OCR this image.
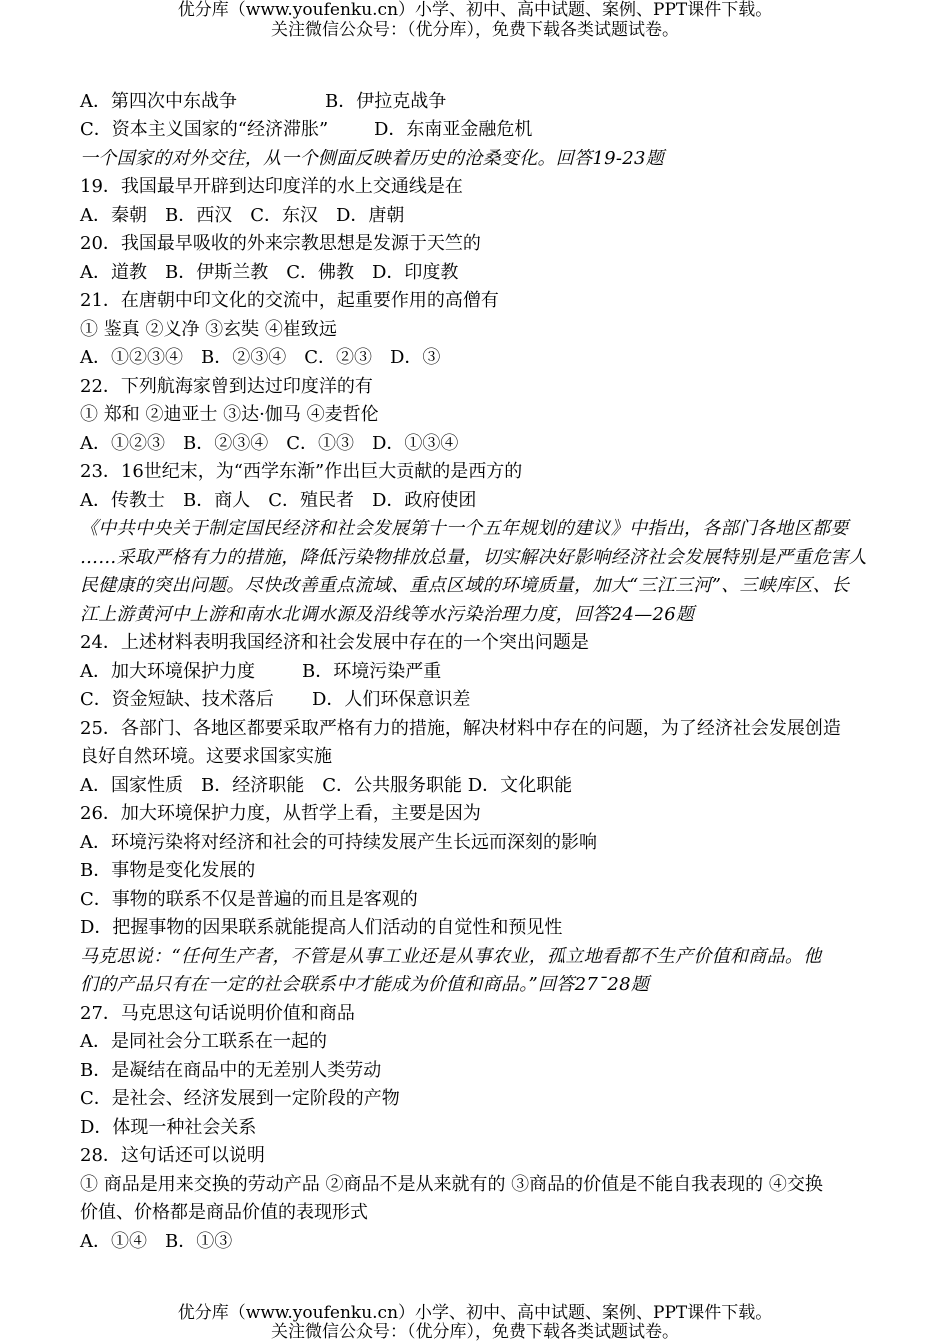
优分库（www.youfenku.cn）小学、初中、高中试题、案例、PPT课件下载。
关注微信公众号：（优分库），免费下载各类试题试卷。
A．第四次中东战争	B．伊拉克战争
C．资本主义国家的“经济滞胀”	D．东南亚金融危机
一个国家的对外交往，从一个侧面反映着历史的沧桑变化。回答19-23题
19．我国最早开辟到达印度洋的水上交通线是在
A．秦朝　B．西汉　C．东汉　D．唐朝
20．我国最早吸收的外来宗教思想是发源于天竺的
A．道教　B．伊斯兰教　C．佛教　D．印度教
21．在唐朝中印文化的交流中，起重要作用的高僧有
① 鉴真 ②义净 ③玄奘 ④崔致远
A．①②③④　B．②③④　C．②③　D．③
22．下列航海家曾到达过印度洋的有
① 郑和 ②迪亚士 ③达·伽马 ④麦哲伦
A．①②③　B．②③④　C．①③　D．①③④
23．16世纪末，为“西学东渐”作出巨大贡献的是西方的
A．传教士　B．商人　C．殖民者　D．政府使团
《中共中央关于制定国民经济和社会发展第十一个五年规划的建议》中指出，各部门各地区都要
……采取严格有力的措施，降低污染物排放总量，切实解决好影响经济社会发展特别是严重危害人
民健康的突出问题。尽快改善重点流域、重点区域的环境质量，加大“三江三河”、三峡库区、长
江上游黄河中上游和南水北调水源及沿线等水污染治理力度，回答24—26题
24．上述材料表明我国经济和社会发展中存在的一个突出问题是
A．加大环境保护力度	B．环境污染严重
C．资金短缺、技术落后 D．人们环保意识差
25．各部门、各地区都要采取严格有力的措施，解决材料中存在的问题，为了经济社会发展创造
良好自然环境。这要求国家实施
A．国家性质　B．经济职能　C．公共服务职能 D．文化职能
26．加大环境保护力度，从哲学上看，主要是因为
A．环境污染将对经济和社会的可持续发展产生长远而深刻的影响
B．事物是变化发展的
C．事物的联系不仅是普遍的而且是客观的
D．把握事物的因果联系就能提高人们活动的自觉性和预见性
马克思说：“任何生产者，不管是从事工业还是从事农业，孤立地看都不生产价值和商品。他
们的产品只有在一定的社会联系中才能成为价值和商品。”回答27¯28题
27．马克思这句话说明价值和商品
A．是同社会分工联系在一起的
B．是凝结在商品中的无差别人类劳动
C．是社会、经济发展到一定阶段的产物
D．体现一种社会关系
28．这句话还可以说明
① 商品是用来交换的劳动产品 ②商品不是从来就有的 ③商品的价值是不能自我表现的 ④交换
价值、价格都是商品价值的表现形式
A．①④　B．①③
优分库（www.youfenku.cn）小学、初中、高中试题、案例、PPT课件下载。
关注微信公众号：（优分库），免费下载各类试题试卷。
